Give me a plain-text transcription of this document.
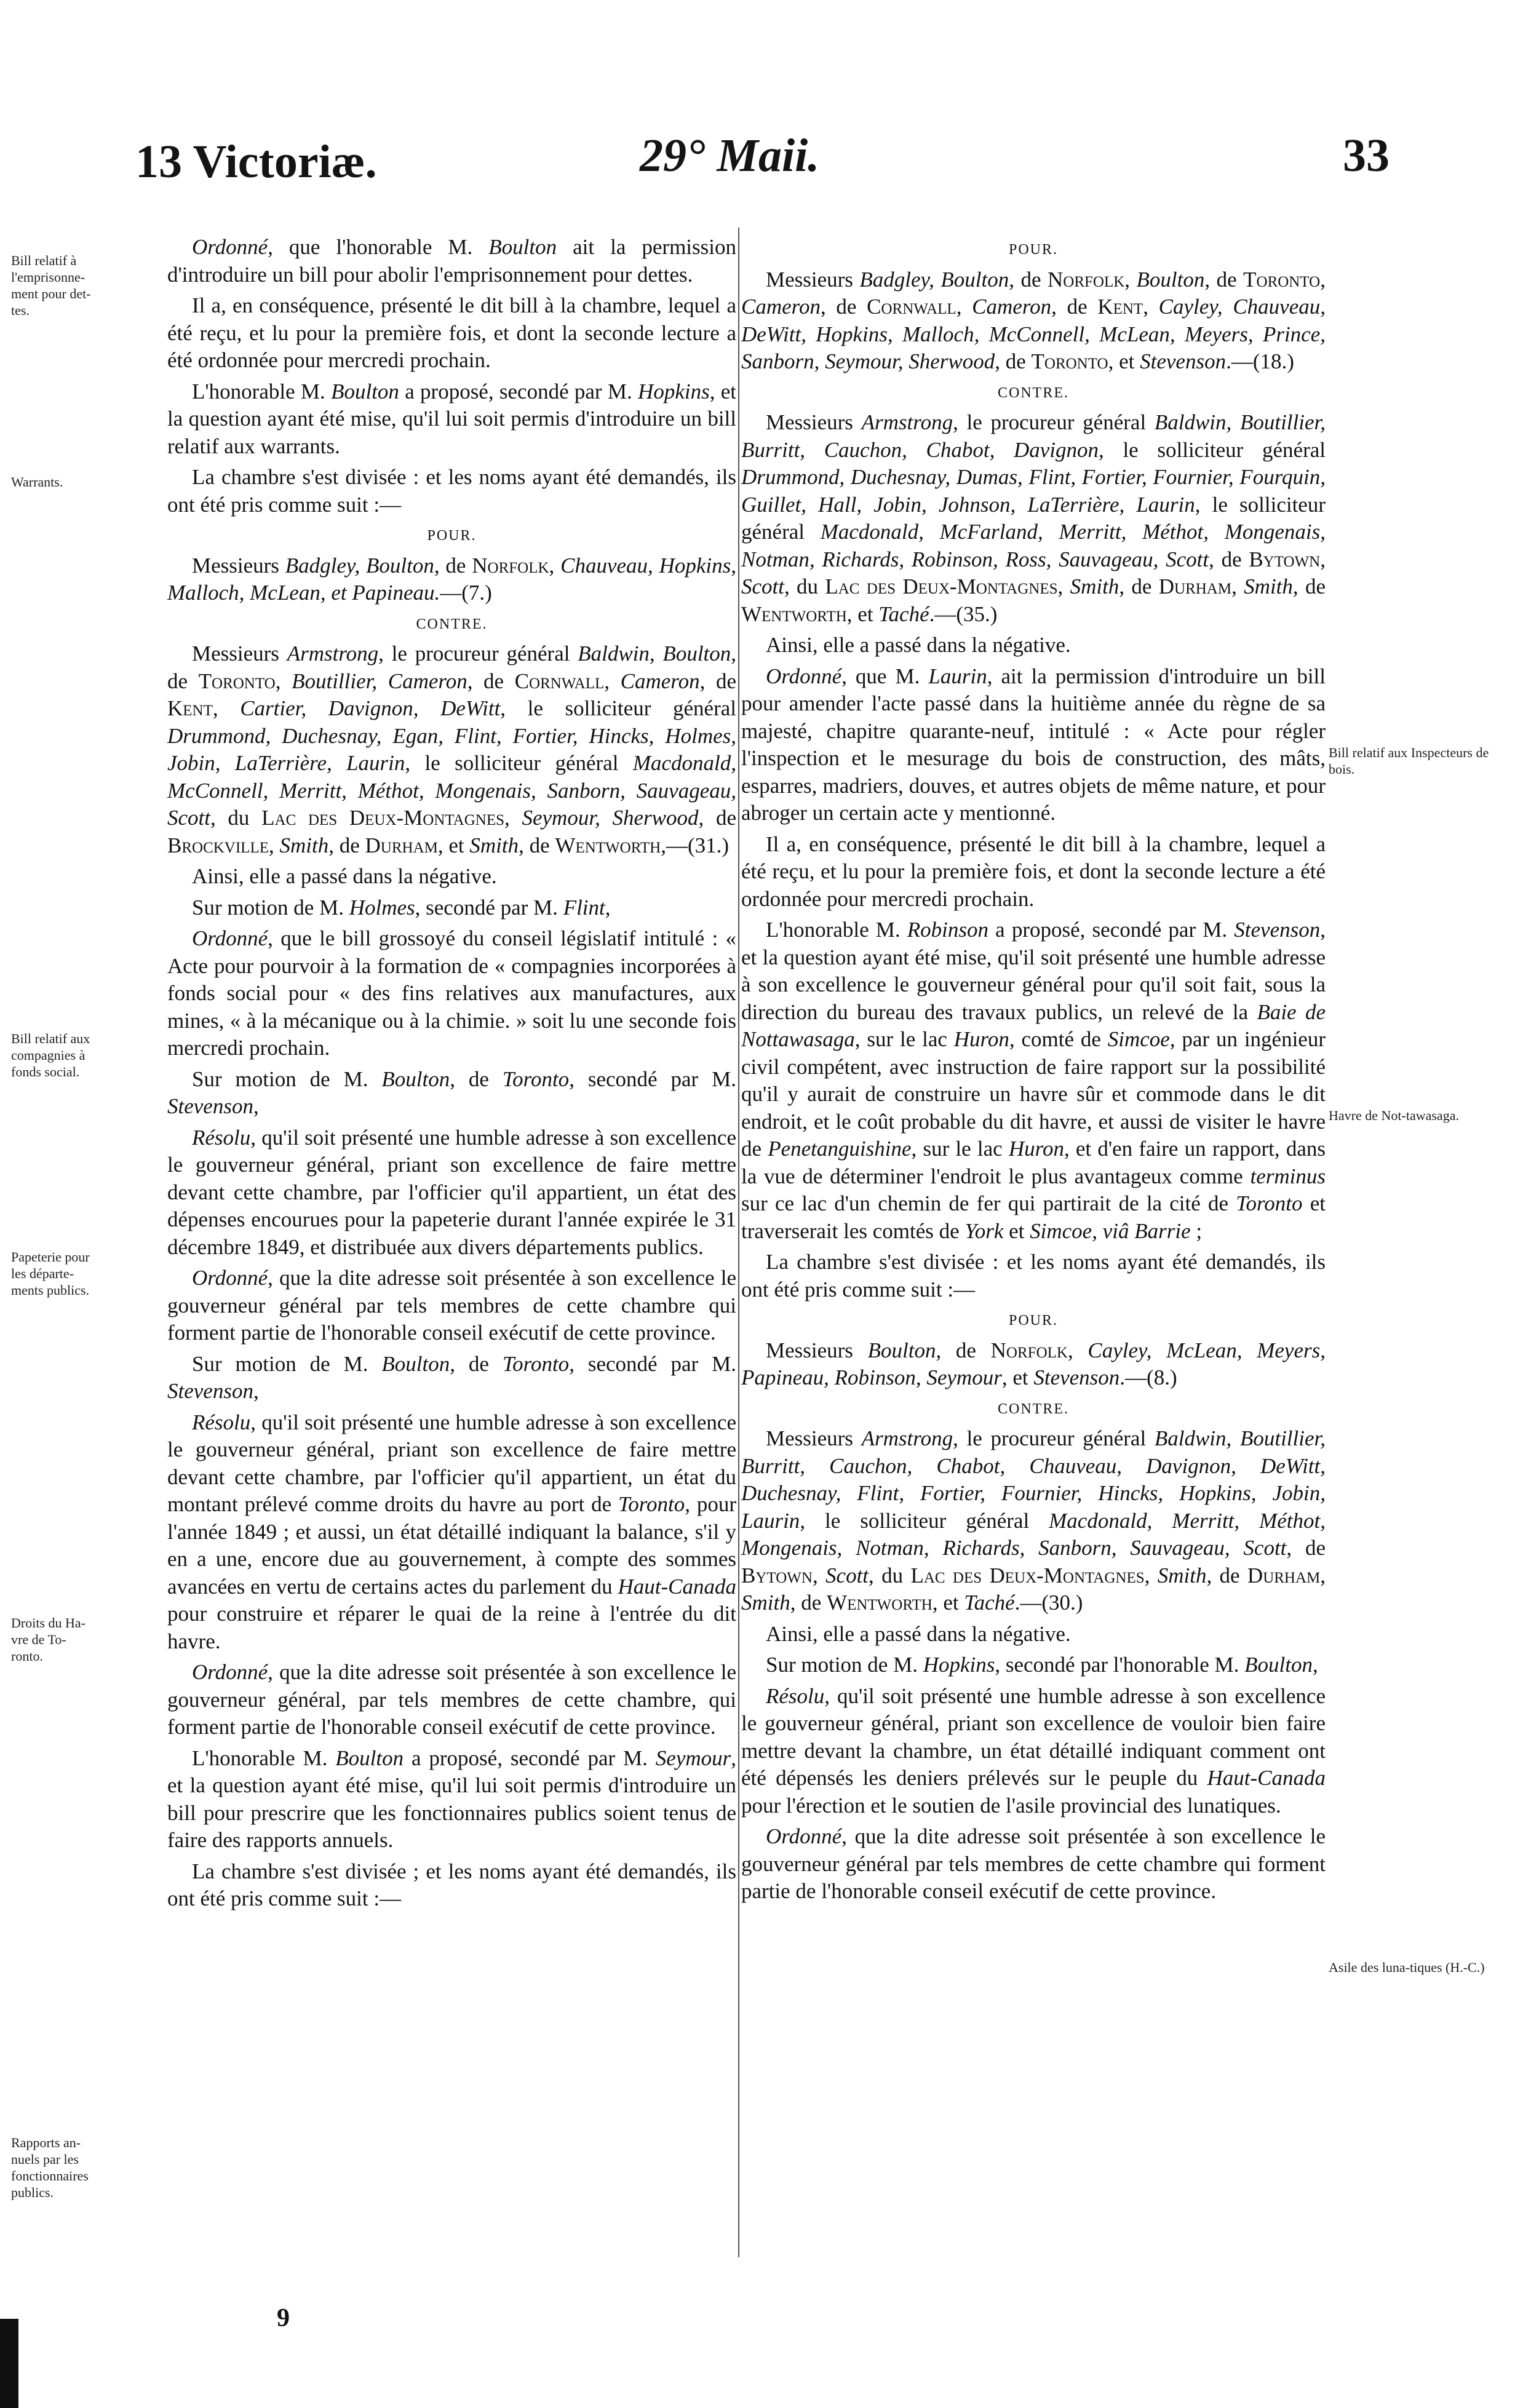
13 Victoriæ.	29° Maii.	33
Bill relatif à l'emprisonne-ment pour det-tes.
Warrants.
Bill relatif aux compagnies à fonds social.
Papeterie pour les départe-ments publics.
Droits du Ha-vre de To-ronto.
Rapports an-nuels par les fonctionnaires publics.
Bill relatif aux Inspecteurs de bois.
Havre de Not-tawasaga.
Asile des luna-tiques (H.-C.)

Ordonné, que l'honorable M. Boulton ait la permission d'introduire un bill pour abolir l'emprisonnement pour dettes.

Il a, en conséquence, présenté le dit bill à la chambre, lequel a été reçu, et lu pour la première fois, et dont la seconde lecture a été ordonnée pour mercredi prochain.

L'honorable M. Boulton a proposé, secondé par M. Hopkins, et la question ayant été mise, qu'il lui soit permis d'introduire un bill relatif aux warrants.

La chambre s'est divisée : et les noms ayant été demandés, ils ont été pris comme suit :—

POUR.

Messieurs Badgley, Boulton, de Norfolk, Chauveau, Hopkins, Malloch, McLean, et Papineau.—(7.)

CONTRE.

Messieurs Armstrong, le procureur général Baldwin, Boulton, de Toronto, Boutillier, Cameron, de Cornwall, Cameron, de Kent, Cartier, Davignon, DeWitt, le solliciteur général Drummond, Duchesnay, Egan, Flint, Fortier, Hincks, Holmes, Jobin, LaTerrière, Laurin, le solliciteur général Macdonald, McConnell, Merritt, Méthot, Mongenais, Sanborn, Sauvageau, Scott, du Lac des Deux-Montagnes, Seymour, Sherwood, de Brockville, Smith, de Durham, et Smith, de Wentworth,—(31.)

Ainsi, elle a passé dans la négative.

Sur motion de M. Holmes, secondé par M. Flint,

Ordonné, que le bill grossoyé du conseil législatif intitulé : « Acte pour pourvoir à la formation de « compagnies incorporées à fonds social pour « des fins relatives aux manufactures, aux mines, « à la mécanique ou à la chimie. » soit lu une seconde fois mercredi prochain.

Sur motion de M. Boulton, de Toronto, secondé par M. Stevenson,

Résolu, qu'il soit présenté une humble adresse à son excellence le gouverneur général, priant son excellence de faire mettre devant cette chambre, par l'officier qu'il appartient, un état des dépenses encourues pour la papeterie durant l'année expirée le 31 décembre 1849, et distribuée aux divers départements publics.

Ordonné, que la dite adresse soit présentée à son excellence le gouverneur général par tels membres de cette chambre qui forment partie de l'honorable conseil exécutif de cette province.

Sur motion de M. Boulton, de Toronto, secondé par M. Stevenson,

Résolu, qu'il soit présenté une humble adresse à son excellence le gouverneur général, priant son excellence de faire mettre devant cette chambre, par l'officier qu'il appartient, un état du montant prélevé comme droits du havre au port de Toronto, pour l'année 1849 ; et aussi, un état détaillé indiquant la balance, s'il y en a une, encore due au gouvernement, à compte des sommes avancées en vertu de certains actes du parlement du Haut-Canada pour construire et réparer le quai de la reine à l'entrée du dit havre.

Ordonné, que la dite adresse soit présentée à son excellence le gouverneur général, par tels membres de cette chambre, qui forment partie de l'honorable conseil exécutif de cette province.

L'honorable M. Boulton a proposé, secondé par M. Seymour, et la question ayant été mise, qu'il lui soit permis d'introduire un bill pour prescrire que les fonctionnaires publics soient tenus de faire des rapports annuels.

La chambre s'est divisée ; et les noms ayant été demandés, ils ont été pris comme suit :—

POUR.

Messieurs Badgley, Boulton, de Norfolk, Boulton, de Toronto, Cameron, de Cornwall, Cameron, de Kent, Cayley, Chauveau, DeWitt, Hopkins, Malloch, McConnell, McLean, Meyers, Prince, Sanborn, Seymour, Sherwood, de Toronto, et Stevenson.—(18.)

CONTRE.

Messieurs Armstrong, le procureur général Baldwin, Boutillier, Burritt, Cauchon, Chabot, Davignon, le solliciteur général Drummond, Duchesnay, Dumas, Flint, Fortier, Fournier, Fourquin, Guillet, Hall, Jobin, Johnson, LaTerrière, Laurin, le solliciteur général Macdonald, McFarland, Merritt, Méthot, Mongenais, Notman, Richards, Robinson, Ross, Sauvageau, Scott, de Bytown, Scott, du Lac des Deux-Montagnes, Smith, de Durham, Smith, de Wentworth, et Taché.—(35.)

Ainsi, elle a passé dans la négative.

Ordonné, que M. Laurin, ait la permission d'introduire un bill pour amender l'acte passé dans la huitième année du règne de sa majesté, chapitre quarante-neuf, intitulé : « Acte pour régler l'inspection et le mesurage du bois de construction, des mâts, esparres, madriers, douves, et autres objets de même nature, et pour abroger un certain acte y mentionné.

Il a, en conséquence, présenté le dit bill à la chambre, lequel a été reçu, et lu pour la première fois, et dont la seconde lecture a été ordonnée pour mercredi prochain.

L'honorable M. Robinson a proposé, secondé par M. Stevenson, et la question ayant été mise, qu'il soit présenté une humble adresse à son excellence le gouverneur général pour qu'il soit fait, sous la direction du bureau des travaux publics, un relevé de la Baie de Nottawasaga, sur le lac Huron, comté de Simcoe, par un ingénieur civil compétent, avec instruction de faire rapport sur la possibilité qu'il y aurait de construire un havre sûr et commode dans le dit endroit, et le coût probable du dit havre, et aussi de visiter le havre de Penetanguishine, sur le lac Huron, et d'en faire un rapport, dans la vue de déterminer l'endroit le plus avantageux comme terminus sur ce lac d'un chemin de fer qui partirait de la cité de Toronto et traverserait les comtés de York et Simcoe, viâ Barrie ;

La chambre s'est divisée : et les noms ayant été demandés, ils ont été pris comme suit :—

POUR.

Messieurs Boulton, de Norfolk, Cayley, McLean, Meyers, Papineau, Robinson, Seymour, et Stevenson.—(8.)

CONTRE.

Messieurs Armstrong, le procureur général Baldwin, Boutillier, Burritt, Cauchon, Chabot, Chauveau, Davignon, DeWitt, Duchesnay, Flint, Fortier, Fournier, Hincks, Hopkins, Jobin, Laurin, le solliciteur général Macdonald, Merritt, Méthot, Mongenais, Notman, Richards, Sanborn, Sauvageau, Scott, de Bytown, Scott, du Lac des Deux-Montagnes, Smith, de Durham, Smith, de Wentworth, et Taché.—(30.)

Ainsi, elle a passé dans la négative.

Sur motion de M. Hopkins, secondé par l'honorable M. Boulton,

Résolu, qu'il soit présenté une humble adresse à son excellence le gouverneur général, priant son excellence de vouloir bien faire mettre devant la chambre, un état détaillé indiquant comment ont été dépensés les deniers prélevés sur le peuple du Haut-Canada pour l'érection et le soutien de l'asile provincial des lunatiques.

Ordonné, que la dite adresse soit présentée à son excellence le gouverneur général par tels membres de cette chambre qui forment partie de l'honorable conseil exécutif de cette province.

9
